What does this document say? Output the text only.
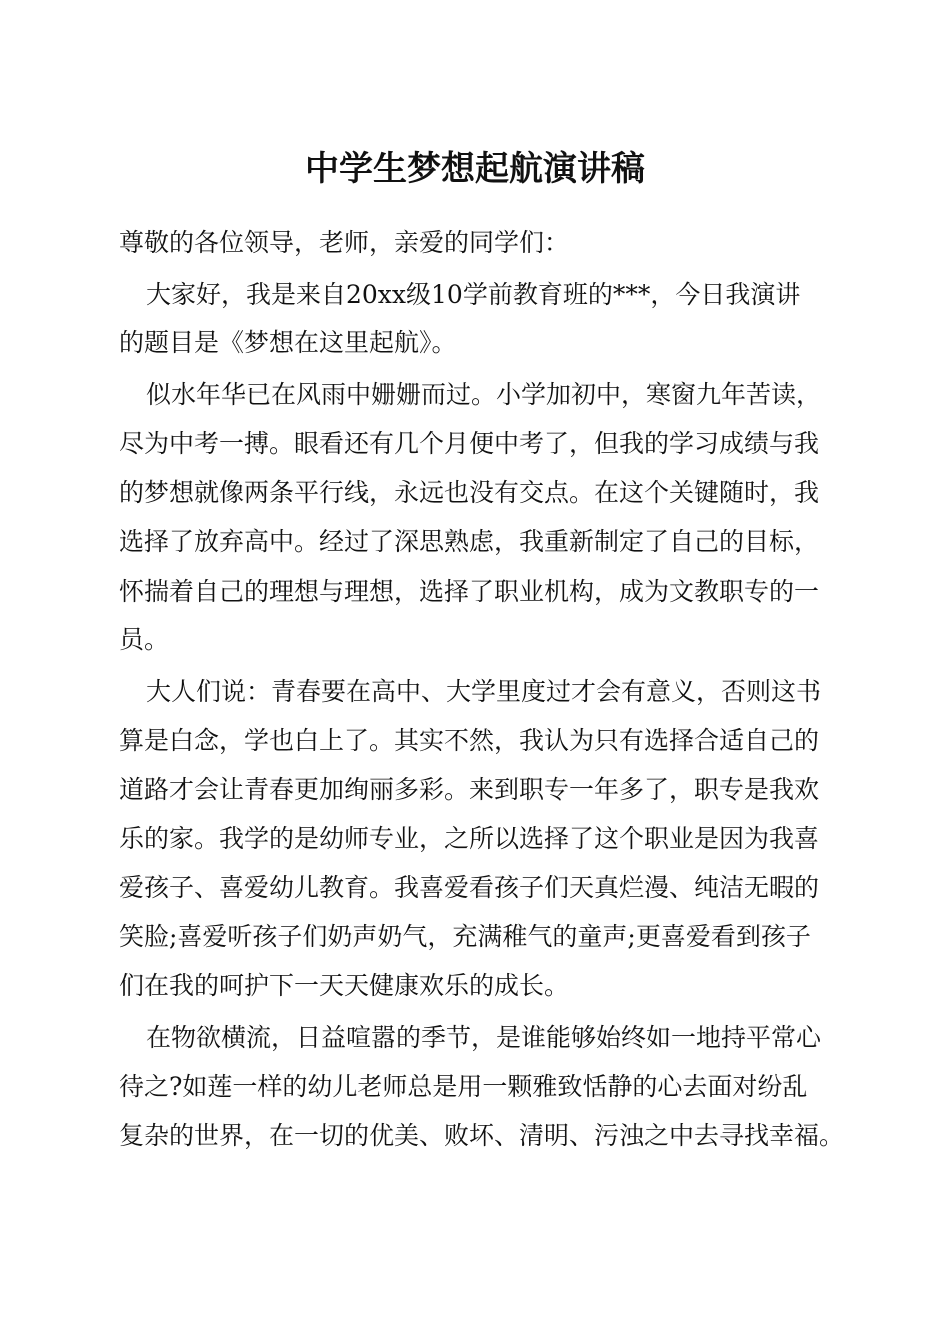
中学生梦想起航演讲稿
尊敬的各位领导，老师，亲爱的同学们：
大家好，我是来自20xx级10学前教育班的***，今日我演讲
的题目是《梦想在这里起航》。
似水年华已在风雨中姗姗而过。小学加初中，寒窗九年苦读，
尽为中考一搏。眼看还有几个月便中考了，但我的学习成绩与我
的梦想就像两条平行线，永远也没有交点。在这个关键随时，我
选择了放弃高中。经过了深思熟虑，我重新制定了自己的目标，
怀揣着自己的理想与理想，选择了职业机构，成为文教职专的一
员。
大人们说：青春要在高中、大学里度过才会有意义，否则这书
算是白念，学也白上了。其实不然，我认为只有选择合适自己的
道路才会让青春更加绚丽多彩。来到职专一年多了，职专是我欢
乐的家。我学的是幼师专业，之所以选择了这个职业是因为我喜
爱孩子、喜爱幼儿教育。我喜爱看孩子们天真烂漫、纯洁无暇的
笑脸;喜爱听孩子们奶声奶气，充满稚气的童声;更喜爱看到孩子
们在我的呵护下一天天健康欢乐的成长。
在物欲横流，日益喧嚣的季节，是谁能够始终如一地持平常心
待之?如莲一样的幼儿老师总是用一颗雅致恬静的心去面对纷乱
复杂的世界，在一切的优美、败坏、清明、污浊之中去寻找幸福。
